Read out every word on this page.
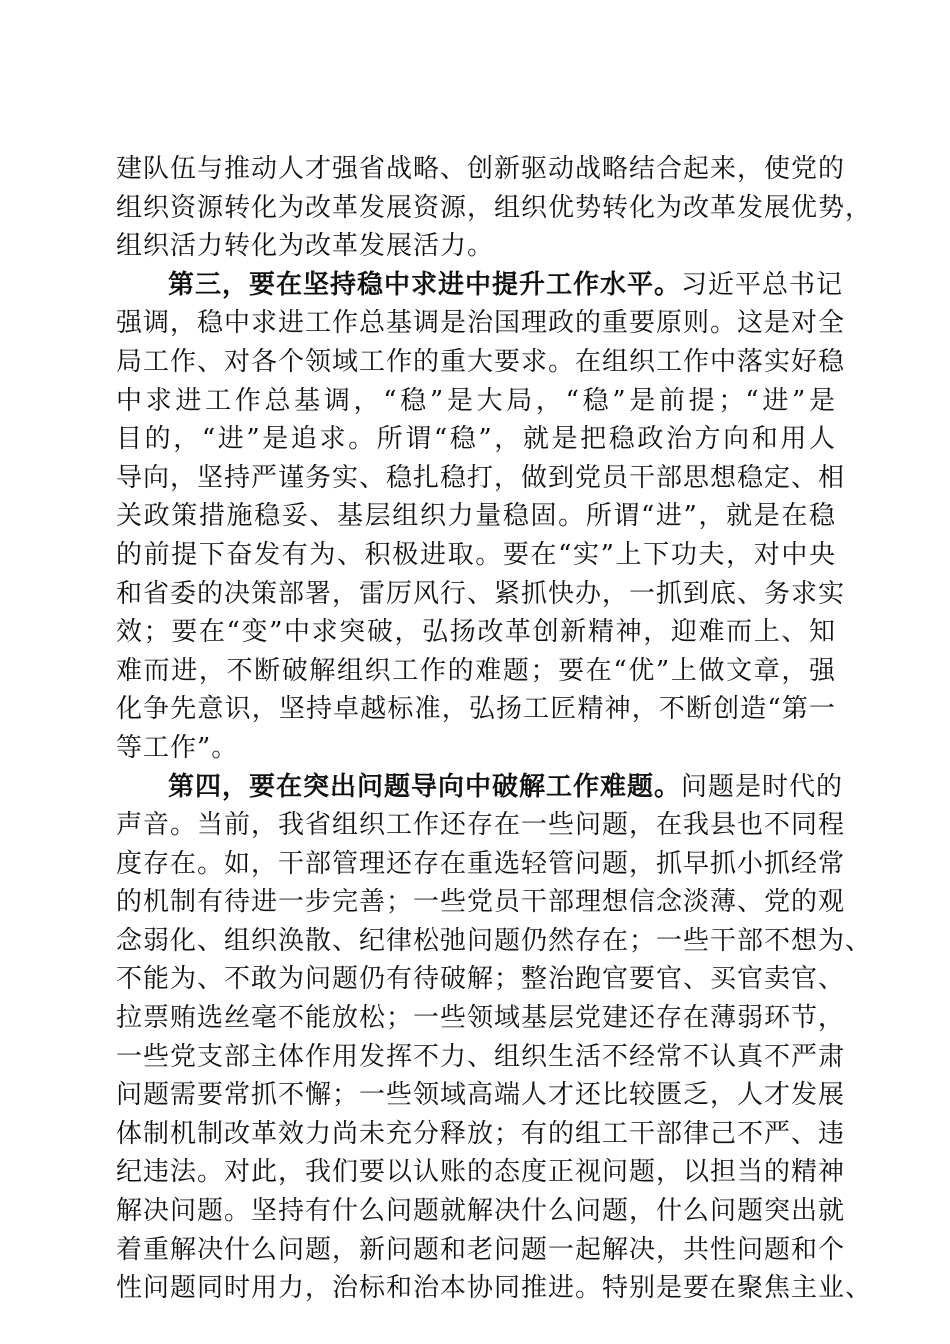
建队伍与推动人才强省战略、创新驱动战略结合起来，使党的
组织资源转化为改革发展资源，组织优势转化为改革发展优势，
组织活力转化为改革发展活力。
第三，要在坚持稳中求进中提升工作水平。习近平总书记
强调，稳中求进工作总基调是治国理政的重要原则。这是对全
局工作、对各个领域工作的重大要求。在组织工作中落实好稳
中求进工作总基调，“稳”是大局，“稳”是前提；“进”是
目的，“进”是追求。所谓“稳”，就是把稳政治方向和用人
导向，坚持严谨务实、稳扎稳打，做到党员干部思想稳定、相
关政策措施稳妥、基层组织力量稳固。所谓“进”，就是在稳
的前提下奋发有为、积极进取。要在“实”上下功夫，对中央
和省委的决策部署，雷厉风行、紧抓快办，一抓到底、务求实
效；要在“变”中求突破，弘扬改革创新精神，迎难而上、知
难而进，不断破解组织工作的难题；要在“优”上做文章，强
化争先意识，坚持卓越标准，弘扬工匠精神，不断创造“第一
等工作”。
第四，要在突出问题导向中破解工作难题。问题是时代的
声音。当前，我省组织工作还存在一些问题，在我县也不同程
度存在。如，干部管理还存在重选轻管问题，抓早抓小抓经常
的机制有待进一步完善；一些党员干部理想信念淡薄、党的观
念弱化、组织涣散、纪律松弛问题仍然存在；一些干部不想为、
不能为、不敢为问题仍有待破解；整治跑官要官、买官卖官、
拉票贿选丝毫不能放松；一些领域基层党建还存在薄弱环节，
一些党支部主体作用发挥不力、组织生活不经常不认真不严肃
问题需要常抓不懈；一些领域高端人才还比较匮乏，人才发展
体制机制改革效力尚未充分释放；有的组工干部律己不严、违
纪违法。对此，我们要以认账的态度正视问题，以担当的精神
解决问题。坚持有什么问题就解决什么问题，什么问题突出就
着重解决什么问题，新问题和老问题一起解决，共性问题和个
性问题同时用力，治标和治本协同推进。特别是要在聚焦主业、
